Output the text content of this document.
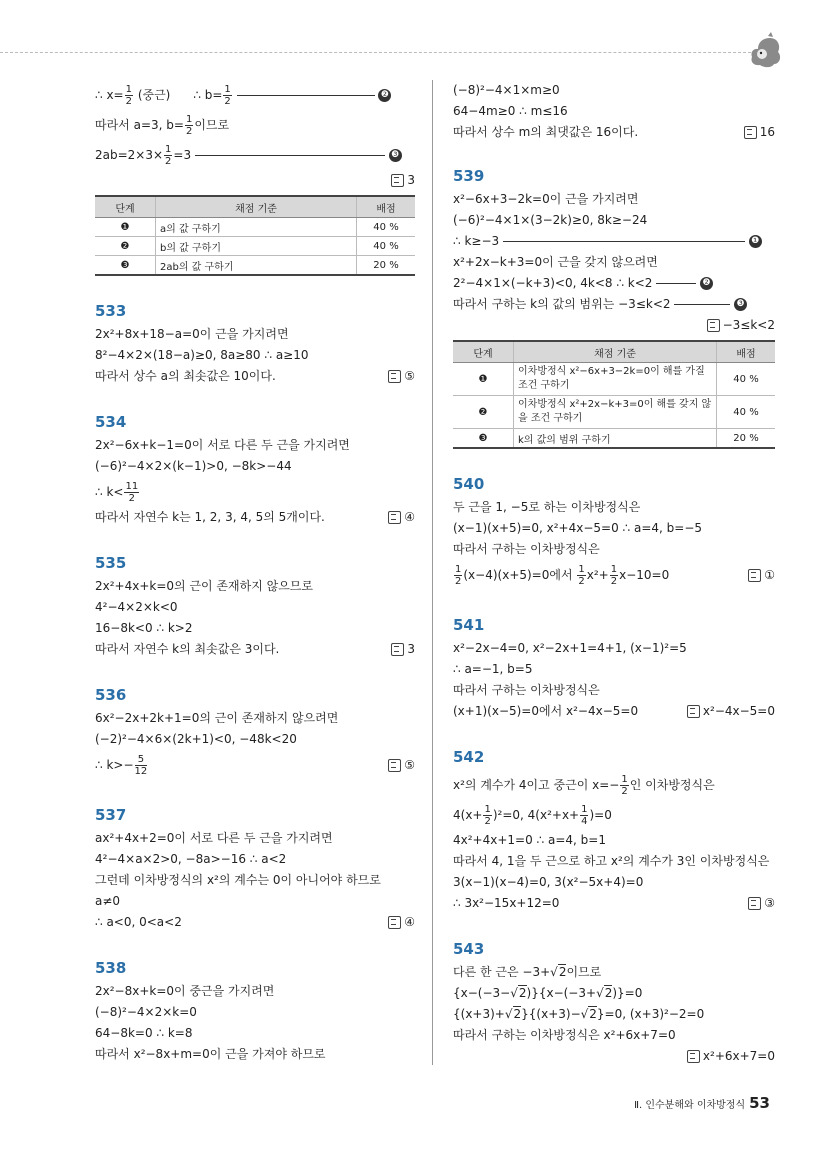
∴ $x= \frac{1}{2}$ (중근) ∴ $b= \frac{1}{2}$	❷
따라서 a=3, $b= \frac{1}{2}$ 이므로
$2ab=2\times 3\times \frac{1}{2} =3$	❸
3
단계	채점 기준	배점
❶	a의 값 구하기	40 %
❷	b의 값 구하기	40 %
❸	2ab의 값 구하기	20 %
533
2x²+8x+18−a=0이 근을 가지려면
8²−4×2×(18−a)≥0, 8a≥80 ∴ a≥10
따라서 상수 a의 최솟값은 10이다.	⑤
534
2x²−6x+k−1=0이 서로 다른 두 근을 가지려면
(−6)²−4×2×(k−1)>0, −8k>−44
∴ $k< \frac{11}{2}$
따라서 자연수 k는 1, 2, 3, 4, 5의 5개이다.	④
535
2x²+4x+k=0의 근이 존재하지 않으므로
4²−4×2×k<0
16−8k<0 ∴ k>2
따라서 자연수 k의 최솟값은 3이다.	3
536
6x²−2x+2k+1=0의 근이 존재하지 않으려면
(−2)²−4×6×(2k+1)<0, −48k<20
∴ $k>- \frac{5}{12}$	⑤
537
ax²+4x+2=0이 서로 다른 두 근을 가지려면
4²−4×a×2>0, −8a>−16 ∴ a<2
그런데 이차방정식의 x²의 계수는 0이 아니어야 하므로
a≠0
∴ a<0, 0<a<2	④
538
2x²−8x+k=0이 중근을 가지려면
(−8)²−4×2×k=0
64−8k=0 ∴ k=8
따라서 x²−8x+m=0이 근을 가져야 하므로
(−8)²−4×1×m≥0
64−4m≥0 ∴ m≤16
따라서 상수 m의 최댓값은 16이다.	16
539
x²−6x+3−2k=0이 근을 가지려면
(−6)²−4×1×(3−2k)≥0, 8k≥−24
∴ k≥−3	❶
x²+2x−k+3=0이 근을 갖지 않으려면
2²−4×1×(−k+3)<0, 4k<8 ∴ k<2	❷
따라서 구하는 k의 값의 범위는 −3≤k<2	❸
−3≤k<2
단계	채점 기준	배점
❶	이차방정식 x²−6x+3−2k=0이 해를 가질 조건 구하기	40 %
❷	이차방정식 x²+2x−k+3=0이 해를 갖지 않을 조건 구하기	40 %
❸	k의 값의 범위 구하기	20 %
540
두 근을 1, −5로 하는 이차방정식은
(x−1)(x+5)=0, x²+4x−5=0 ∴ a=4, b=−5
따라서 구하는 이차방정식은
$\frac{1}{2} (x-4)(x+5)=0$에서 $\frac{1}{2} x^2+ \frac{1}{2} x-10=0$	①
541
x²−2x−4=0, x²−2x+1=4+1, (x−1)²=5
∴ a=−1, b=5
따라서 구하는 이차방정식은
(x+1)(x−5)=0에서 x²−4x−5=0	x²−4x−5=0
542
x²의 계수가 4이고 중근이 $x=- \frac{1}{2}$ 인 이차방정식은
$4(x+ \frac{1}{2} )^2=0$, $4(x^2+x+ \frac{1}{4} )=0$
4x²+4x+1=0 ∴ a=4, b=1
따라서 4, 1을 두 근으로 하고 x²의 계수가 3인 이차방정식은
3(x−1)(x−4)=0, 3(x²−5x+4)=0
∴ 3x²−15x+12=0	③
543
다른 한 근은 −3+√2이므로
{x−(−3−√2)}{x−(−3+√2)}=0
{(x+3)+√2}{(x+3)−√2}=0, (x+3)²−2=0
따라서 구하는 이차방정식은 x²+6x+7=0
x²+6x+7=0
Ⅱ. 인수분해와 이차방정식 53
